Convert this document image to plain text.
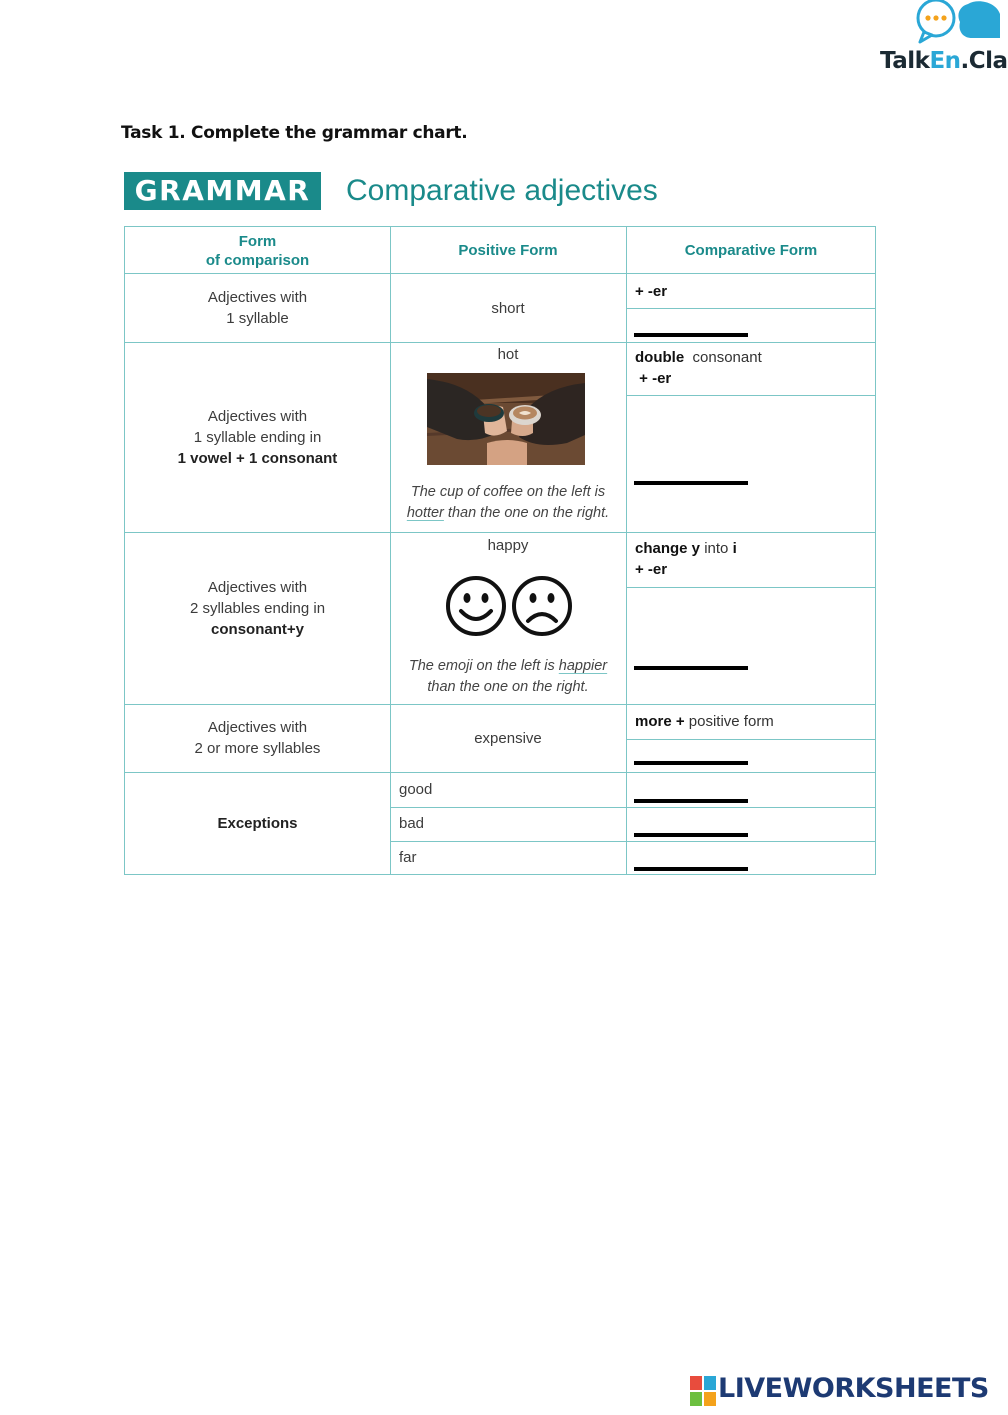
TalkEn.Cla
Task 1. Complete the grammar chart.
GRAMMAR	Comparative adjectives
Form
of comparison
Positive Form	Comparative Form
Adjectives with
1 syllable
short
+ -er
Adjectives with
1 syllable ending in
1 vowel + 1 consonant
hot
The cup of coffee on the left is
hotter than the one on the right.
double consonant
+ -er
Adjectives with
2 syllables ending in
consonant+y
happy
The emoji on the left is happier
than the one on the right.
change y into i
+ -er
Adjectives with
2 or more syllables
expensive
more + positive form
Exceptions
good
bad
far
LIVEWORKSHEETS
